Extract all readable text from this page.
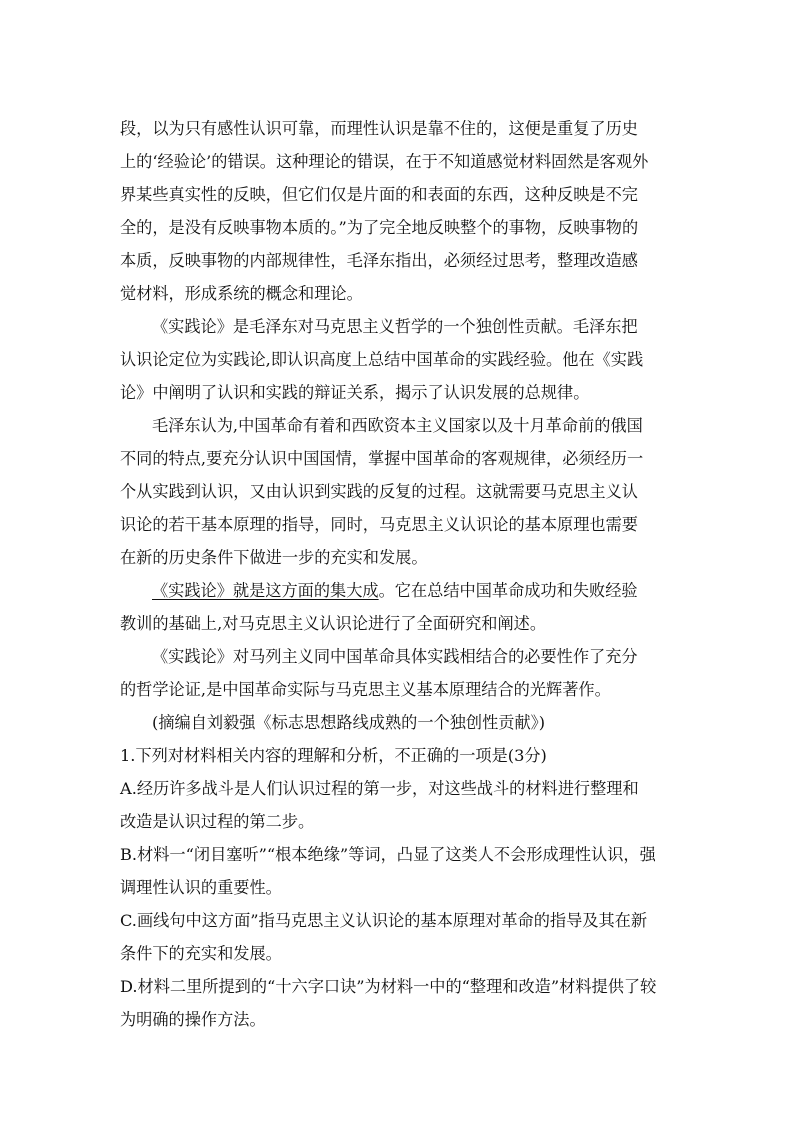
段，以为只有感性认识可靠，而理性认识是靠不住的，这便是重复了历史
上的‘经验论’的错误。这种理论的错误，在于不知道感觉材料固然是客观外
界某些真实性的反映，但它们仅是片面的和表面的东西，这种反映是不完
全的，是没有反映事物本质的。”为了完全地反映整个的事物，反映事物的
本质，反映事物的内部规律性，毛泽东指出，必须经过思考，整理改造感
觉材料，形成系统的概念和理论。
《实践论》是毛泽东对马克思主义哲学的一个独创性贡献。毛泽东把
认识论定位为实践论,即认识高度上总结中国革命的实践经验。他在《实践
论》中阐明了认识和实践的辩证关系，揭示了认识发展的总规律。
毛泽东认为,中国革命有着和西欧资本主义国家以及十月革命前的俄国
不同的特点,要充分认识中国国情，掌握中国革命的客观规律，必须经历一
个从实践到认识，又由认识到实践的反复的过程。这就需要马克思主义认
识论的若干基本原理的指导，同时，马克思主义认识论的基本原理也需要
在新的历史条件下做进一步的充实和发展。
《实践论》就是这方面的集大成。它在总结中国革命成功和失败经验
教训的基础上,对马克思主义认识论进行了全面研究和阐述。
《实践论》对马列主义同中国革命具体实践相结合的必要性作了充分
的哲学论证,是中国革命实际与马克思主义基本原理结合的光辉著作。
(摘编自刘毅强《标志思想路线成熟的一个独创性贡献》)
1.下列对材料相关内容的理解和分析，不正确的一项是(3分)
A.经历许多战斗是人们认识过程的第一步，对这些战斗的材料进行整理和
改造是认识过程的第二步。
B.材料一“闭目塞听”“根本绝缘”等词，凸显了这类人不会形成理性认识，强
调理性认识的重要性。
C.画线句中这方面”指马克思主义认识论的基本原理对革命的指导及其在新
条件下的充实和发展。
D.材料二里所提到的“十六字口诀”为材料一中的“整理和改造”材料提供了较
为明确的操作方法。
